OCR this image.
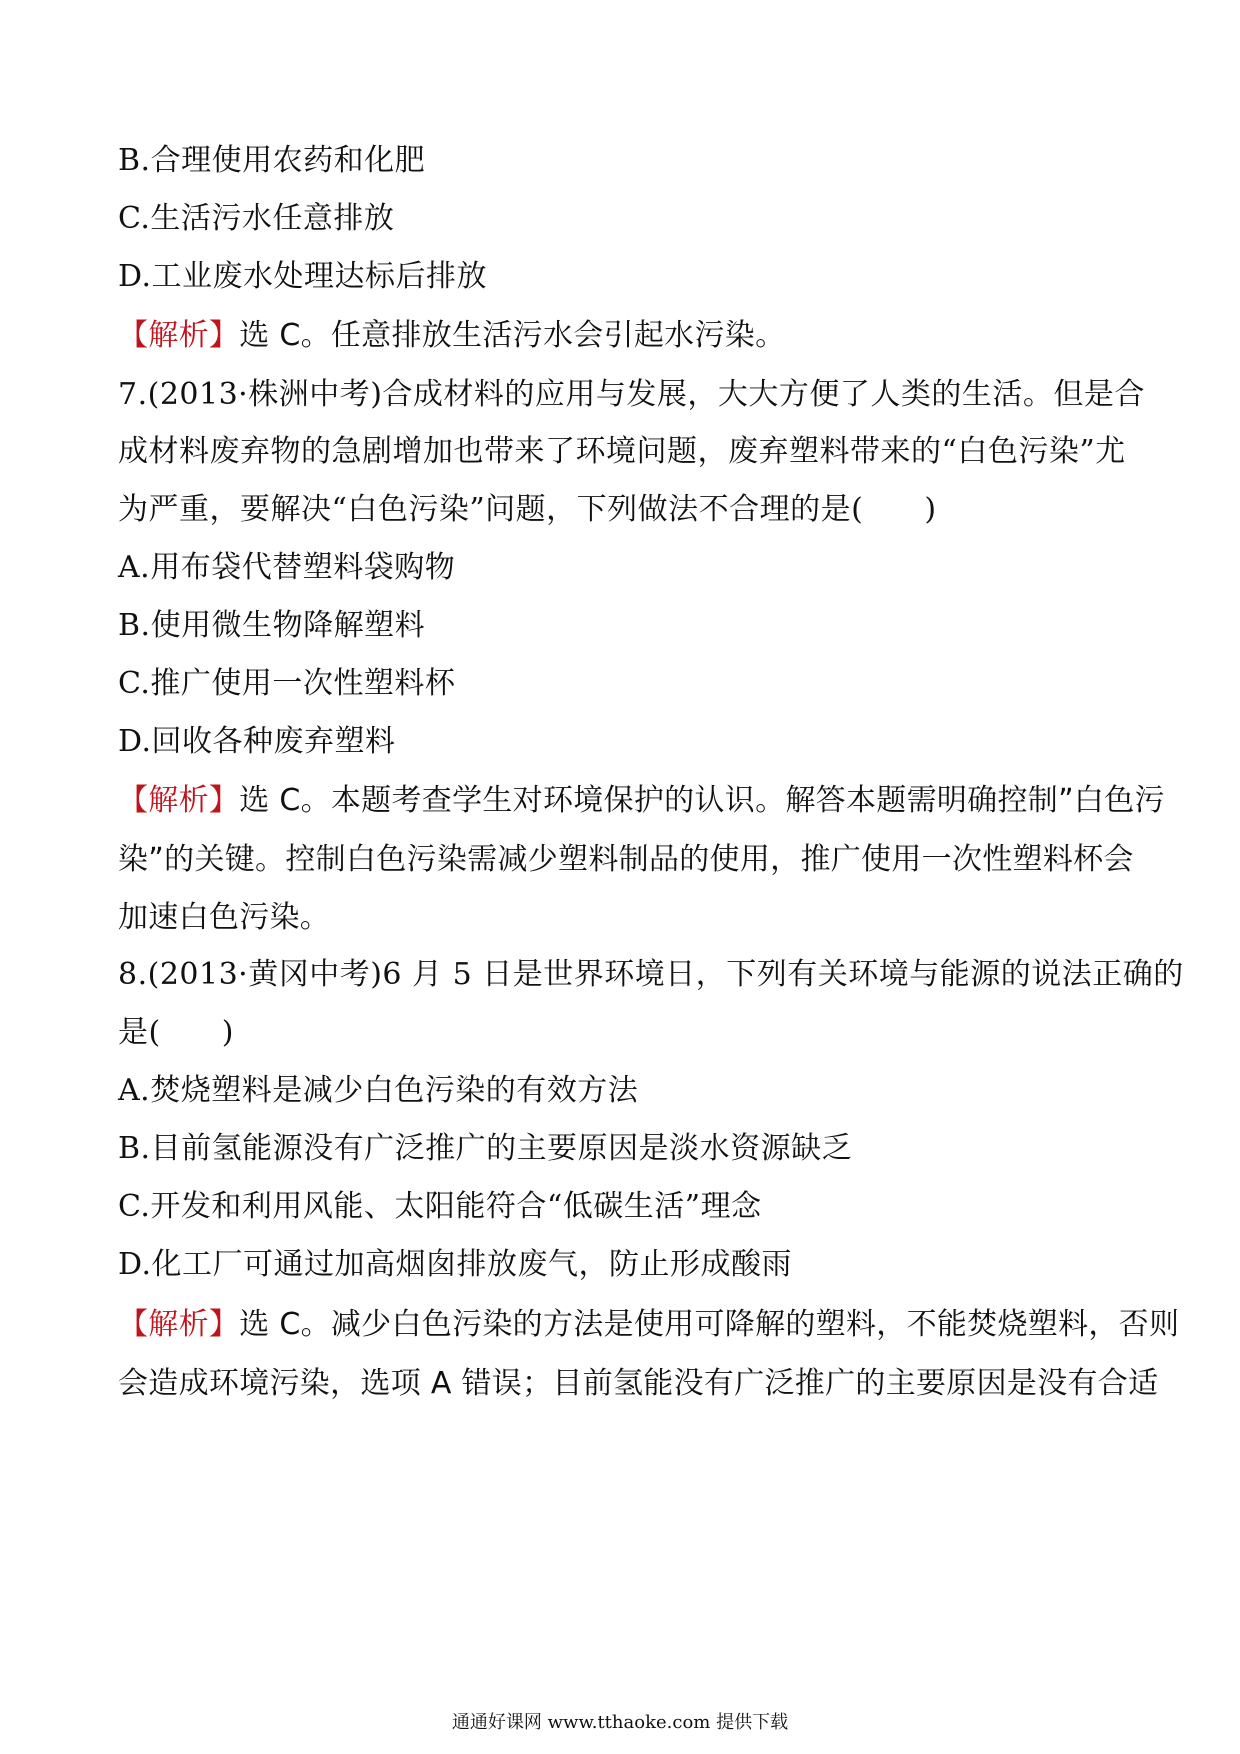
B.合理使用农药和化肥
C.生活污水任意排放
D.工业废水处理达标后排放
【解析】选 C。任意排放生活污水会引起水污染。
7.(2013·株洲中考)合成材料的应用与发展，大大方便了人类的生活。但是合
成材料废弃物的急剧增加也带来了环境问题，废弃塑料带来的“白色污染”尤
为严重，要解决“白色污染”问题，下列做法不合理的是(　　)
A.用布袋代替塑料袋购物
B.使用微生物降解塑料
C.推广使用一次性塑料杯
D.回收各种废弃塑料
【解析】选 C。本题考查学生对环境保护的认识。解答本题需明确控制”白色污
染”的关键。控制白色污染需减少塑料制品的使用，推广使用一次性塑料杯会
加速白色污染。
8.(2013·黄冈中考)6 月 5 日是世界环境日，下列有关环境与能源的说法正确的
是(　　)
A.焚烧塑料是减少白色污染的有效方法
B.目前氢能源没有广泛推广的主要原因是淡水资源缺乏
C.开发和利用风能、太阳能符合“低碳生活”理念
D.化工厂可通过加高烟囱排放废气，防止形成酸雨
【解析】选 C。减少白色污染的方法是使用可降解的塑料，不能焚烧塑料，否则
会造成环境污染，选项 A 错误；目前氢能没有广泛推广的主要原因是没有合适
通通好课网 www.tthaoke.com 提供下载
